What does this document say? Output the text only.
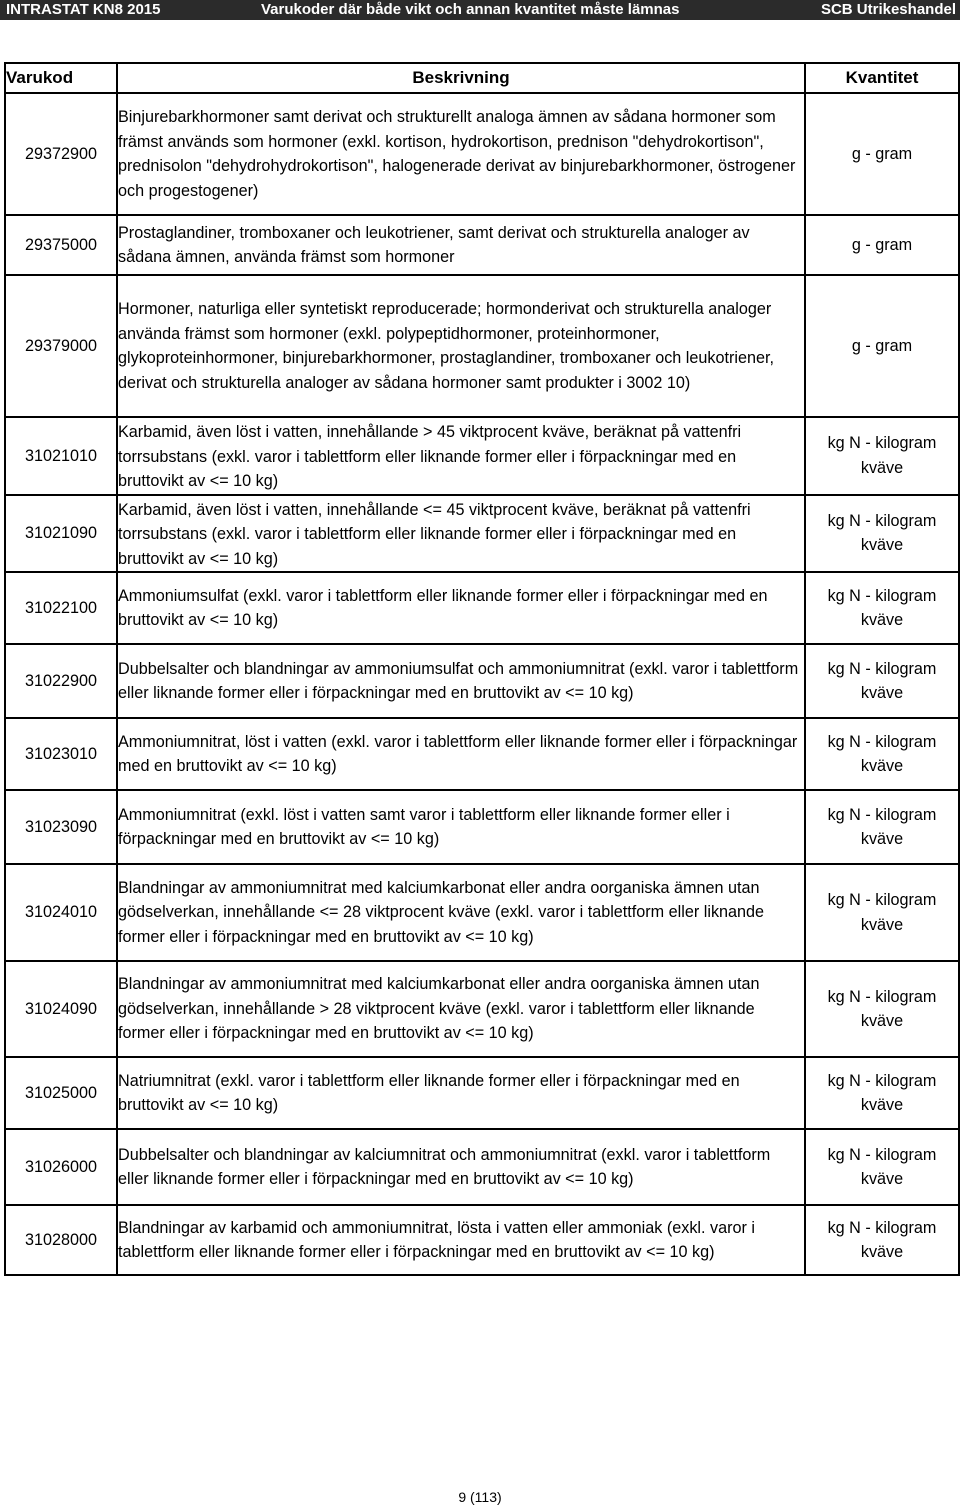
INTRASTAT KN8 2015	Varukoder där både vikt och annan kvantitet måste lämnas	SCB Utrikeshandel
Varukod	Beskrivning	Kvantitet
29372900	Binjurebarkhormoner samt derivat och strukturellt analoga ämnen av sådana hormoner som främst används som hormoner (exkl. kortison, hydrokortison, prednison "dehydrokortison", prednisolon "dehydrohydrokortison", halogenerade derivat av binjurebarkhormoner, östrogener och progestogener)	g - gram
29375000	Prostaglandiner, tromboxaner och leukotriener, samt derivat och strukturella analoger av sådana ämnen, använda främst som hormoner	g - gram
29379000	Hormoner, naturliga eller syntetiskt reproducerade; hormonderivat och strukturella analoger använda främst som hormoner (exkl. polypeptidhormoner, proteinhormoner, glykoproteinhormoner, binjurebarkhormoner, prostaglandiner, tromboxaner och leukotriener, derivat och strukturella analoger av sådana hormoner samt produkter i 3002 10)	g - gram
31021010	Karbamid, även löst i vatten, innehållande > 45 viktprocent kväve, beräknat på vattenfri torrsubstans (exkl. varor i tablettform eller liknande former eller i förpackningar med en bruttovikt av <= 10 kg)	kg N - kilogram kväve
31021090	Karbamid, även löst i vatten, innehållande <= 45 viktprocent kväve, beräknat på vattenfri torrsubstans (exkl. varor i tablettform eller liknande former eller i förpackningar med en bruttovikt av <= 10 kg)	kg N - kilogram kväve
31022100	Ammoniumsulfat (exkl. varor i tablettform eller liknande former eller i förpackningar med en bruttovikt av <= 10 kg)	kg N - kilogram kväve
31022900	Dubbelsalter och blandningar av ammoniumsulfat och ammoniumnitrat (exkl. varor i tablettform eller liknande former eller i förpackningar med en bruttovikt av <= 10 kg)	kg N - kilogram kväve
31023010	Ammoniumnitrat, löst i vatten (exkl. varor i tablettform eller liknande former eller i förpackningar med en bruttovikt av <= 10 kg)	kg N - kilogram kväve
31023090	Ammoniumnitrat (exkl. löst i vatten samt varor i tablettform eller liknande former eller i förpackningar med en bruttovikt av <= 10 kg)	kg N - kilogram kväve
31024010	Blandningar av ammoniumnitrat med kalciumkarbonat eller andra oorganiska ämnen utan gödselverkan, innehållande <= 28 viktprocent kväve (exkl. varor i tablettform eller liknande former eller i förpackningar med en bruttovikt av <= 10 kg)	kg N - kilogram kväve
31024090	Blandningar av ammoniumnitrat med kalciumkarbonat eller andra oorganiska ämnen utan gödselverkan, innehållande > 28 viktprocent kväve (exkl. varor i tablettform eller liknande former eller i förpackningar med en bruttovikt av <= 10 kg)	kg N - kilogram kväve
31025000	Natriumnitrat (exkl. varor i tablettform eller liknande former eller i förpackningar med en bruttovikt av <= 10 kg)	kg N - kilogram kväve
31026000	Dubbelsalter och blandningar av kalciumnitrat och ammoniumnitrat (exkl. varor i tablettform eller liknande former eller i förpackningar med en bruttovikt av <= 10 kg)	kg N - kilogram kväve
31028000	Blandningar av karbamid och ammoniumnitrat, lösta i vatten eller ammoniak (exkl. varor i tablettform eller liknande former eller i förpackningar med en bruttovikt av <= 10 kg)	kg N - kilogram kväve
9 (113)
